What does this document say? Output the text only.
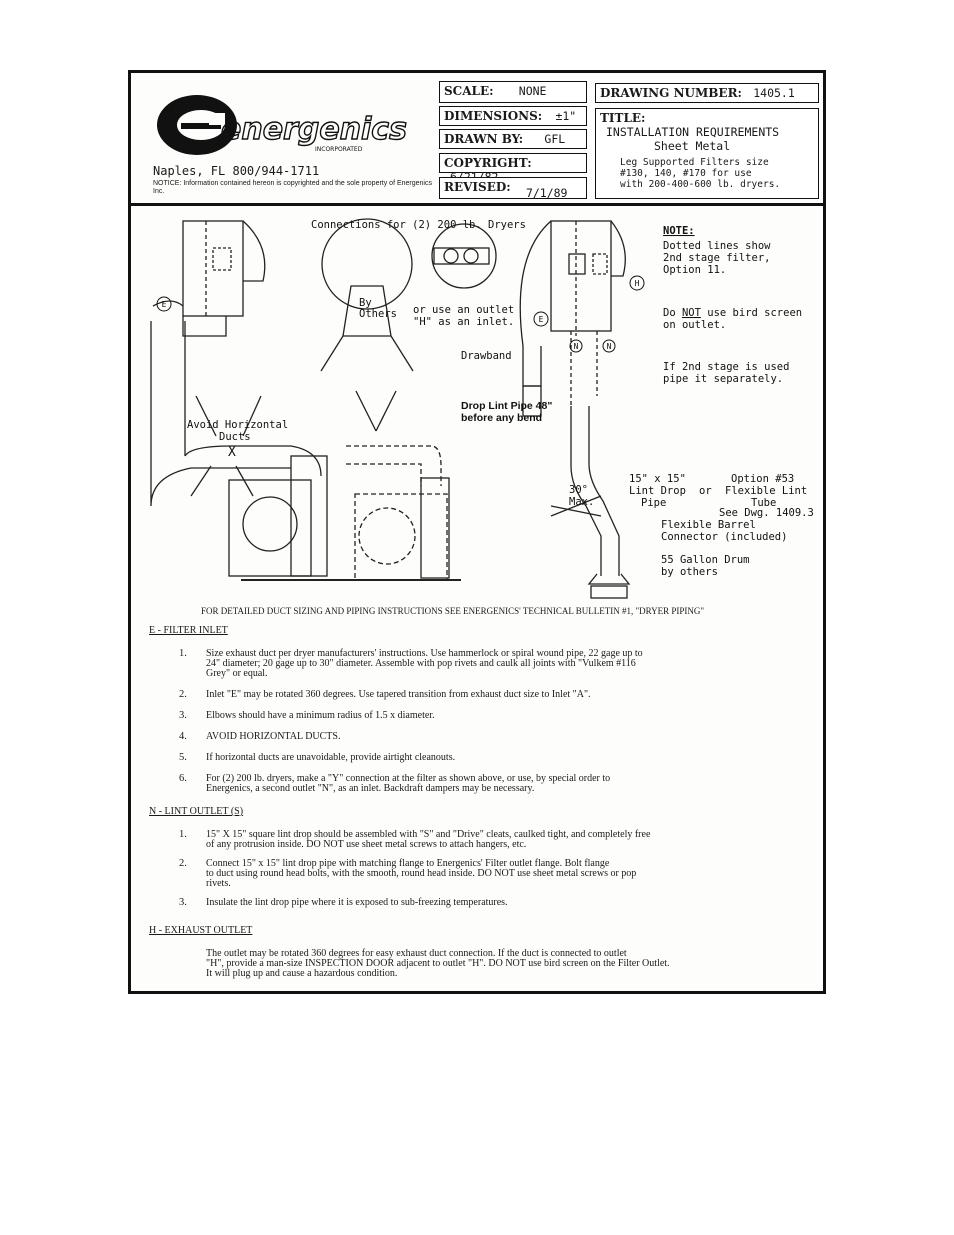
energenics
INCORPORATED
Naples, FL 800/944-1711
NOTICE: Information contained hereon is copyrighted and the sole property of Energenics Inc.
SCALE: NONE
DIMENSIONS: ±1"
DRAWN BY: GFL
COPYRIGHT:
REVISED: 7/1/89
DRAWING NUMBER: 1405.1
TITLE:
INSTALLATION REQUIREMENTS
Sheet Metal
Leg Supported Filters size
#130, 140, #170 for use
with 200-400-600 lb. dryers.
Connections for (2) 200 lb. Dryers
By Others or use an outlet
"H" as an inlet.
Drawband
Drop Lint Pipe 48"
before any bend
Avoid Horizontal
Ducts
X
30°
Max.
15" x 15"
Lint Drop
Pipe
or
Option #53
Flexible Lint
Tube
See Dwg. 1409.3
Flexible Barrel
Connector (included)
55 Gallon Drum
by others
NOTE:
Dotted lines show
2nd stage filter,
Option 11.
Do NOT use bird screen
on outlet.
If 2nd stage is used
pipe it separately.
E
E
H
N	N
FOR DETAILED DUCT SIZING AND PIPING INSTRUCTIONS SEE ENERGENICS' TECHNICAL BULLETIN #1, "DRYER PIPING"
E - FILTER INLET
1. Size exhaust duct per dryer manufacturers' instructions. Use hammerlock or spiral wound pipe, 22 gage up to
24" diameter; 20 gage up to 30" diameter. Assemble with pop rivets and caulk all joints with "Vulkem #116
Grey" or equal.
2. Inlet "E" may be rotated 360 degrees. Use tapered transition from exhaust duct size to Inlet "A".
3. Elbows should have a minimum radius of 1.5 x diameter.
4. AVOID HORIZONTAL DUCTS.
5. If horizontal ducts are unavoidable, provide airtight cleanouts.
6. For (2) 200 lb. dryers, make a "Y" connection at the filter as shown above, or use, by special order to
Energenics, a second outlet "N", as an inlet. Backdraft dampers may be necessary.
N - LINT OUTLET (S)
1. 15" X 15" square lint drop should be assembled with "S" and "Drive" cleats, caulked tight, and completely free
of any protrusion inside. DO NOT use sheet metal screws to attach hangers, etc.
2. Connect 15" x 15" lint drop pipe with matching flange to Energenics' Filter outlet flange. Bolt flange
to duct using round head bolts, with the smooth, round head inside. DO NOT use sheet metal screws or pop
rivets.
3. Insulate the lint drop pipe where it is exposed to sub-freezing temperatures.
H - EXHAUST OUTLET
The outlet may be rotated 360 degrees for easy exhaust duct connection. If the duct is connected to outlet
"H", provide a man-size INSPECTION DOOR adjacent to outlet "H". DO NOT use bird screen on the Filter Outlet.
It will plug up and cause a hazardous condition.
